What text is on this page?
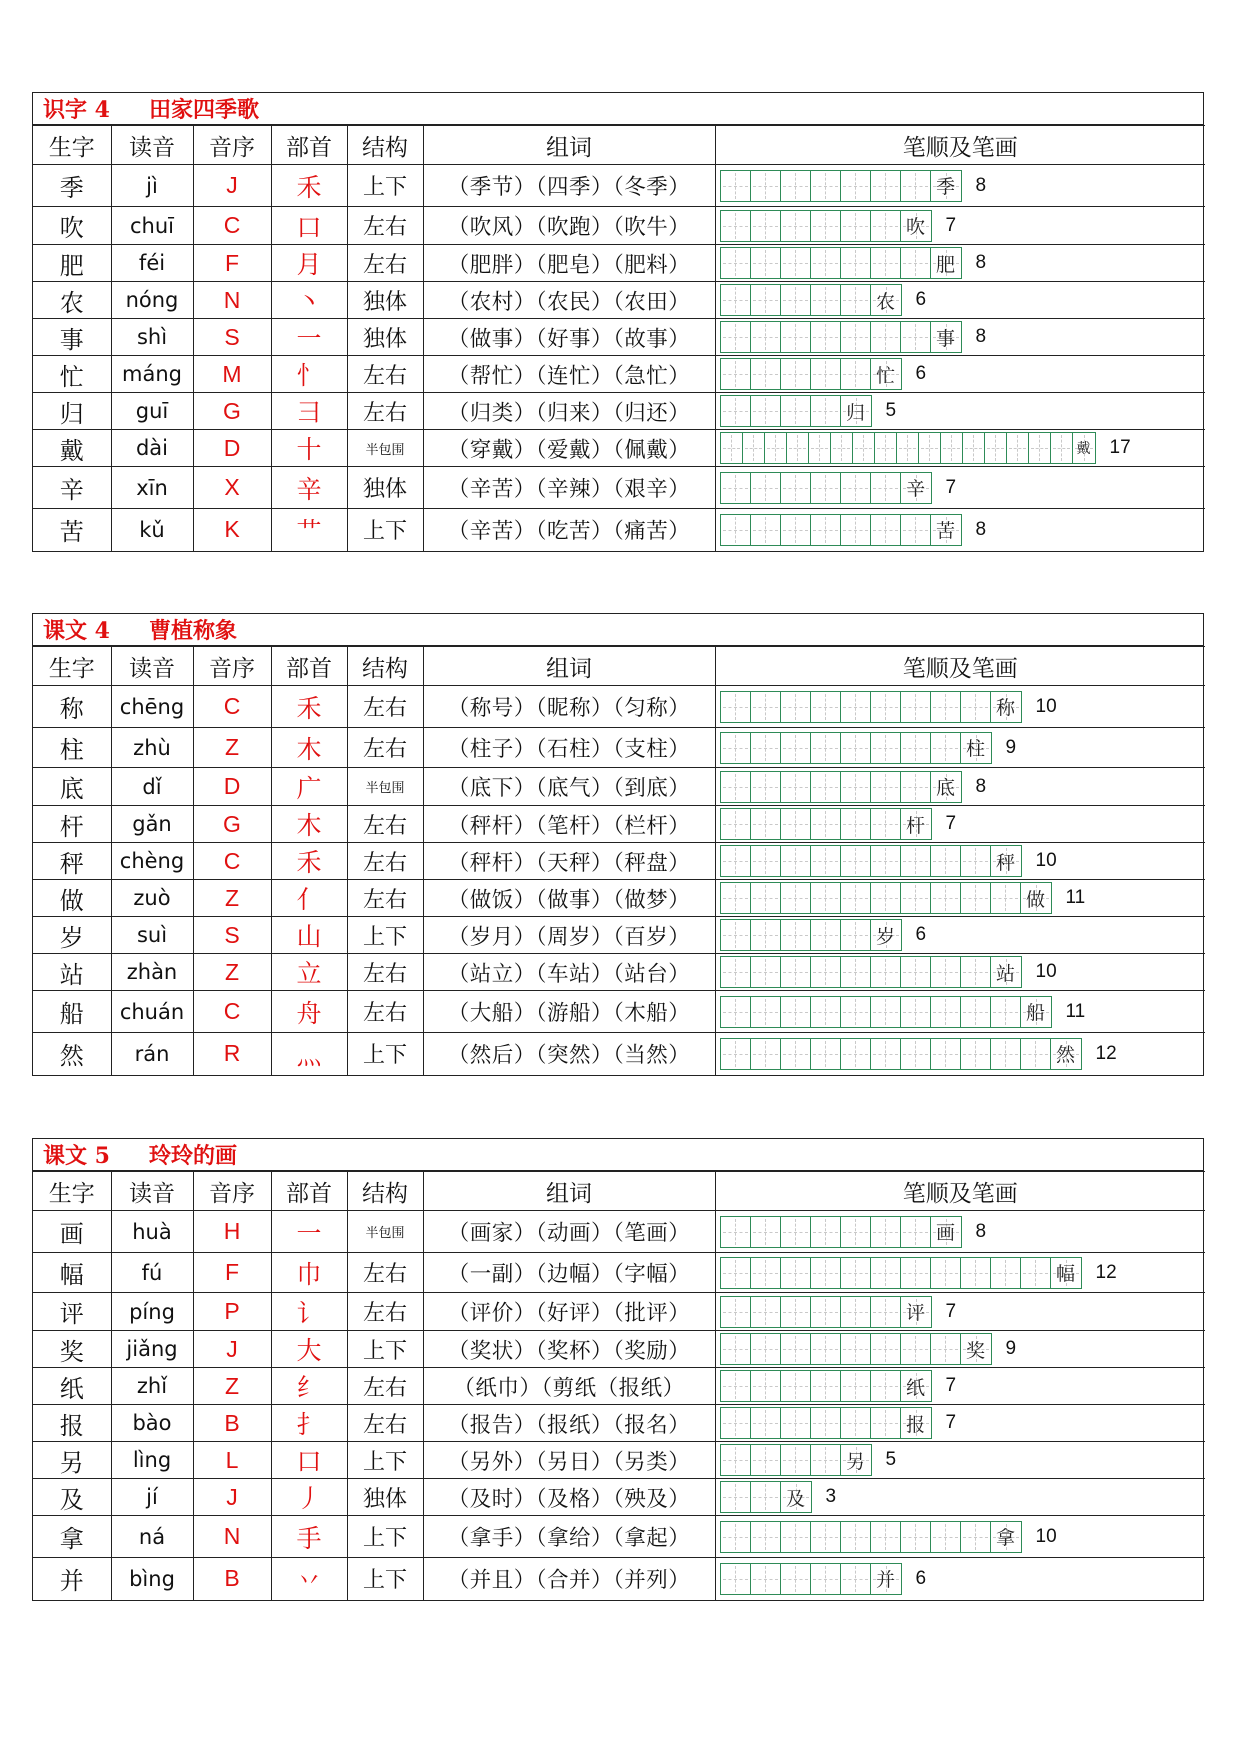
识字 4	田家四季歌
生字	读音	音序	部首	结构	组词	笔顺及笔画
季	jì	J	禾	上下	（季节）（四季）（冬季）	季 8
吹	chuī	C	口	左右	（吹风）（吹跑）（吹牛）	吹 7
肥	féi	F	月	左右	（肥胖）（肥皂）（肥料）	肥 8
农	nóng	N	丶	独体	（农村）（农民）（农田）	农 6
事	shì	S	一	独体	（做事）（好事）（故事）	事 8
忙	máng	M	忄	左右	（帮忙）（连忙）（急忙）	忙 6
归	guī	G	彐	左右	（归类）（归来）（归还）	归 5
戴	dài	D	十	半包围	（穿戴）（爱戴）（佩戴）	戴 17
辛	xīn	X	辛	独体	（辛苦）（辛辣）（艰辛）	辛 7
苦	kǔ	K	艹	上下	（辛苦）（吃苦）（痛苦）	苦 8
课文 4	曹植称象
生字	读音	音序	部首	结构	组词	笔顺及笔画
称	chēng	C	禾	左右	（称号）（昵称）（匀称）	称 10
柱	zhù	Z	木	左右	（柱子）（石柱）（支柱）	柱 9
底	dǐ	D	广	半包围	（底下）（底气）（到底）	底 8
杆	gǎn	G	木	左右	（秤杆）（笔杆）（栏杆）	杆 7
秤	chèng	C	禾	左右	（秤杆）（天秤）（秤盘）	秤 10
做	zuò	Z	亻	左右	（做饭）（做事）（做梦）	做 11
岁	suì	S	山	上下	（岁月）（周岁）（百岁）	岁 6
站	zhàn	Z	立	左右	（站立）（车站）（站台）	站 10
船	chuán	C	舟	左右	（大船）（游船）（木船）	船 11
然	rán	R	灬	上下	（然后）（突然）（当然）	然 12
课文 5	玲玲的画
生字	读音	音序	部首	结构	组词	笔顺及笔画
画	huà	H	一	半包围	（画家）（动画）（笔画）	画 8
幅	fú	F	巾	左右	（一副）（边幅）（字幅）	幅 12
评	píng	P	讠	左右	（评价）（好评）（批评）	评 7
奖	jiǎng	J	大	上下	（奖状）（奖杯）（奖励）	奖 9
纸	zhǐ	Z	纟	左右	（纸巾）（剪纸（报纸）	纸 7
报	bào	B	扌	左右	（报告）（报纸）（报名）	报 7
另	lìng	L	口	上下	（另外）（另日）（另类）	另 5
及	jí	J	丿	独体	（及时）（及格）（殃及）	及 3
拿	ná	N	手	上下	（拿手）（拿给）（拿起）	拿 10
并	bìng	B	丷	上下	（并且）（合并）（并列）	并 6
